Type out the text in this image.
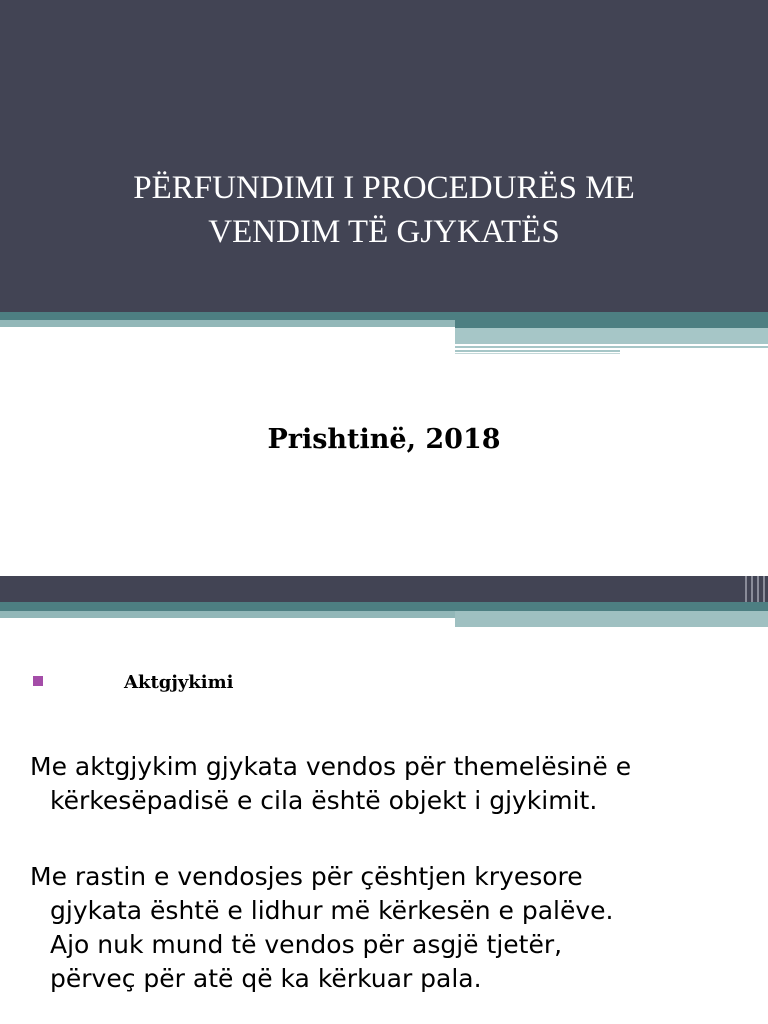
PËRFUNDIMI I PROCEDURËS ME
VENDIM TË GJYKATËS

Prishtinë, 2018

Aktgjykimi

Me aktgjykim gjykata vendos për themelësinë e
kërkesëpadisë e cila është objekt i gjykimit.

Me rastin e vendosjes për çështjen kryesore
gjykata është e lidhur më kërkesën e palëve.
Ajo nuk mund të vendos për asgjë tjetër,
përveç për atë që ka kërkuar pala.
